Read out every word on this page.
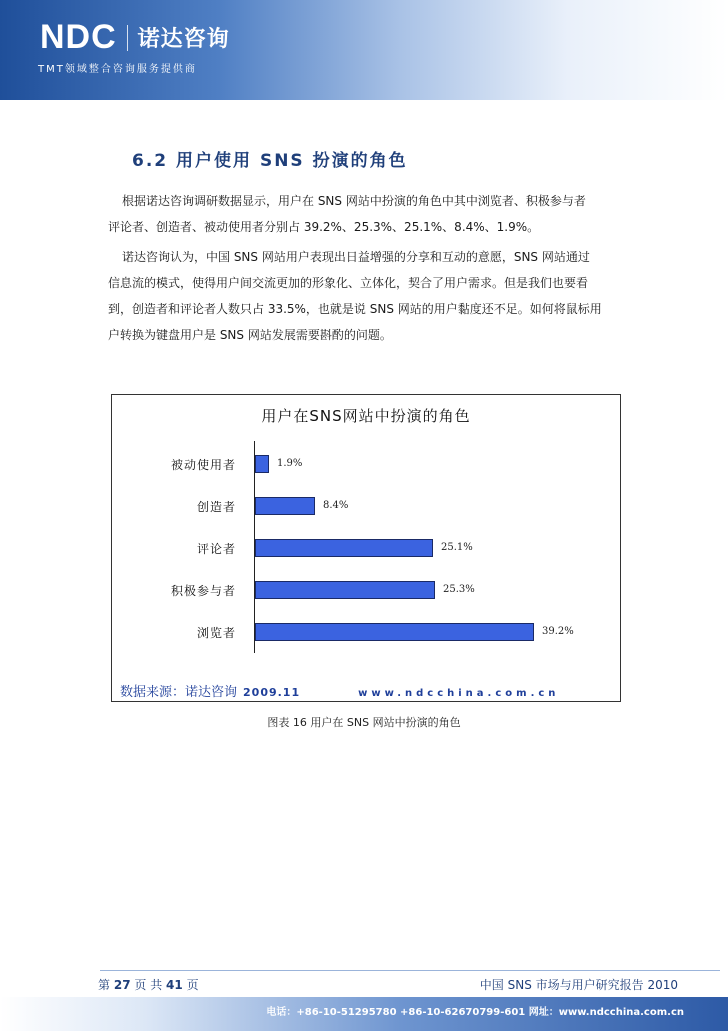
NDC 诺达咨询
TMT领域整合咨询服务提供商
6.2 用户使用 SNS 扮演的角色
根据诺达咨询调研数据显示，用户在 SNS 网站中扮演的角色中其中浏览者、积极参与者
评论者、创造者、被动使用者分别占 39.2%、25.3%、25.1%、8.4%、1.9%。
诺达咨询认为，中国 SNS 网站用户表现出日益增强的分享和互动的意愿，SNS 网站通过
信息流的模式，使得用户间交流更加的形象化、立体化，契合了用户需求。但是我们也要看
到，创造者和评论者人数只占 33.5%，也就是说 SNS 网站的用户黏度还不足。如何将鼠标用
户转换为键盘用户是 SNS 网站发展需要斟酌的问题。
用户在SNS网站中扮演的角色
1.9%
8.4%
25.1%
25.3%
39.2%
被动使用者
创造者
评论者
积极参与者
浏览者
数据来源：诺达咨询 2009.11	www.ndcchina.com.cn
图表 16 用户在 SNS 网站中扮演的角色
第 27 页 共 41 页	中国 SNS 市场与用户研究报告 2010
电话：+86-10-51295780 +86-10-62670799-601 网址：www.ndcchina.com.cn
